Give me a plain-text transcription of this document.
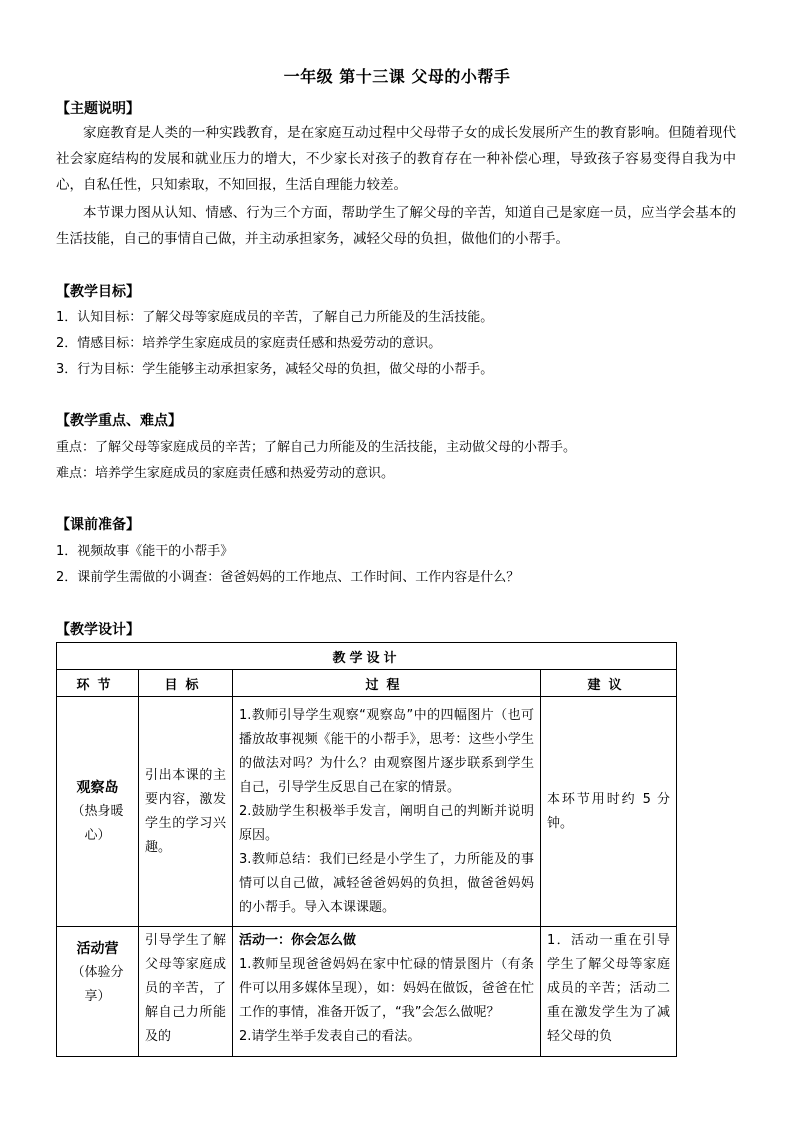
一年级 第十三课 父母的小帮手
【主题说明】

家庭教育是人类的一种实践教育，是在家庭互动过程中父母带子女的成长发展所产生的教育影响。但随着现代社会家庭结构的发展和就业压力的增大，不少家长对孩子的教育存在一种补偿心理，导致孩子容易变得自我为中心，自私任性，只知索取，不知回报，生活自理能力较差。

本节课力图从认知、情感、行为三个方面，帮助学生了解父母的辛苦，知道自己是家庭一员，应当学会基本的生活技能，自己的事情自己做，并主动承担家务，减轻父母的负担，做他们的小帮手。

【教学目标】
1．认知目标：了解父母等家庭成员的辛苦，了解自己力所能及的生活技能。
2．情感目标：培养学生家庭成员的家庭责任感和热爱劳动的意识。
3．行为目标：学生能够主动承担家务，减轻父母的负担，做父母的小帮手。
【教学重点、难点】
重点：了解父母等家庭成员的辛苦；了解自己力所能及的生活技能，主动做父母的小帮手。
难点：培养学生家庭成员的家庭责任感和热爱劳动的意识。
【课前准备】
1．视频故事《能干的小帮手》
2．课前学生需做的小调查：爸爸妈妈的工作地点、工作时间、工作内容是什么？
【教学设计】
教学设计			
环节	目标	过程	建议

观察岛
（热身暖心）	引出本课的主要内容，激发学生的学习兴趣。	1.教师引导学生观察“观察岛”中的四幅图片（也可播放故事视频《能干的小帮手》，思考：这些小学生的做法对吗？为什么？由观察图片逐步联系到学生自己，引导学生反思自己在家的情景。
2.鼓励学生积极举手发言，阐明自己的判断并说明原因。
3.教师总结：我们已经是小学生了，力所能及的事情可以自己做，减轻爸爸妈妈的负担，做爸爸妈妈的小帮手。导入本课课题。	本环节用时约 5 分钟。

活动营
（体验分享）	引导学生了解父母等家庭成员的辛苦，了解自己力所能及的	活动一：你会怎么做
1.教师呈现爸爸妈妈在家中忙碌的情景图片（有条件可以用多媒体呈现），如：妈妈在做饭，爸爸在忙工作的事情，准备开饭了，“我”会怎么做呢？
2.请学生举手发表自己的看法。	1．活动一重在引导学生了解父母等家庭成员的辛苦；活动二重在激发学生为了减轻父母的负
